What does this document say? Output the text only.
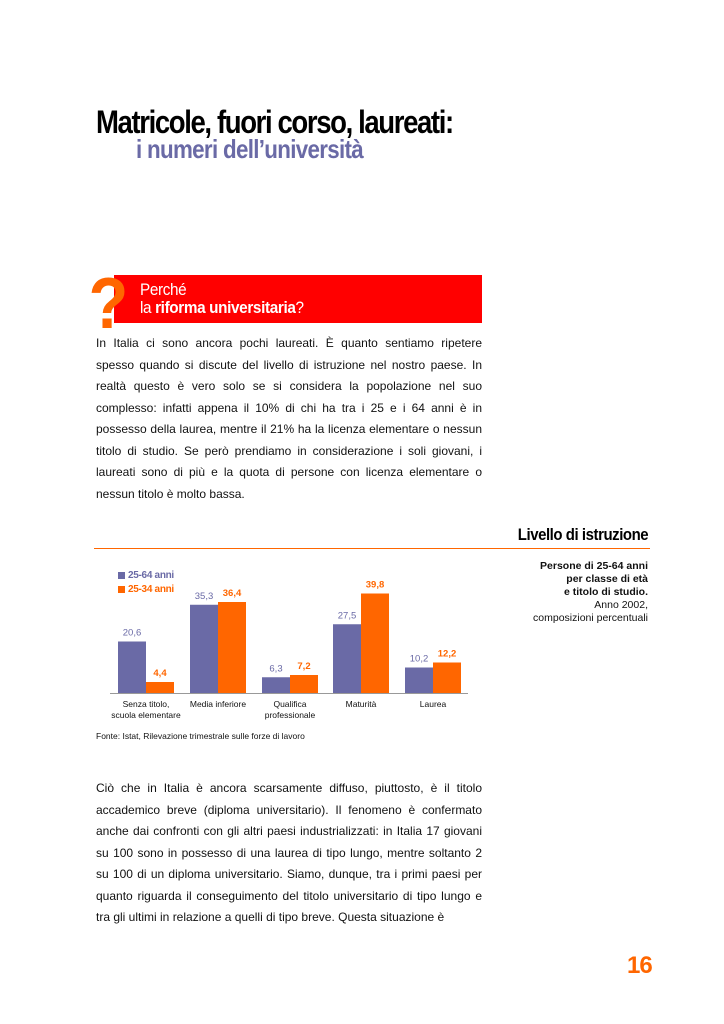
Matricole, fuori corso, laureati:
i numeri dell’università
? Perché
la riforma universitaria?
In Italia ci sono ancora pochi laureati. È quanto sentiamo ripetere spesso quando si discute del livello di istruzione nel nostro paese. In realtà questo è vero solo se si considera la popolazione nel suo complesso: infatti appena il 10% di chi ha tra i 25 e i 64 anni è in possesso della laurea, mentre il 21% ha la licenza elementare o nessun titolo di studio. Se però prendiamo in considerazione i soli giovani, i laureati sono di più e la quota di persone con licenza elementare o nessun titolo è molto bassa.
Livello di istruzione
Persone di 25-64 anni
per classe di età
e titolo di studio.
Anno 2002,
composizioni percentuali
25-64 anni
25-34 anni
20,6
4,4
Senza titolo,
scuola elementare
35,3 36,4
Media inferiore
6,3 7,2
Qualifica
professionale
27,5
39,8
Maturità
10,2 12,2
Laurea
Fonte: Istat, Rilevazione trimestrale sulle forze di lavoro
Ciò che in Italia è ancora scarsamente diffuso, piuttosto, è il titolo accademico breve (diploma universitario). Il fenomeno è confermato anche dai confronti con gli altri paesi industrializzati: in Italia 17 giovani su 100 sono in possesso di una laurea di tipo lungo, mentre soltanto 2 su 100 di un diploma universitario. Siamo, dunque, tra i primi paesi per quanto riguarda il conseguimento del titolo universitario di tipo lungo e tra gli ultimi in relazione a quelli di tipo breve. Questa situazione è
16
